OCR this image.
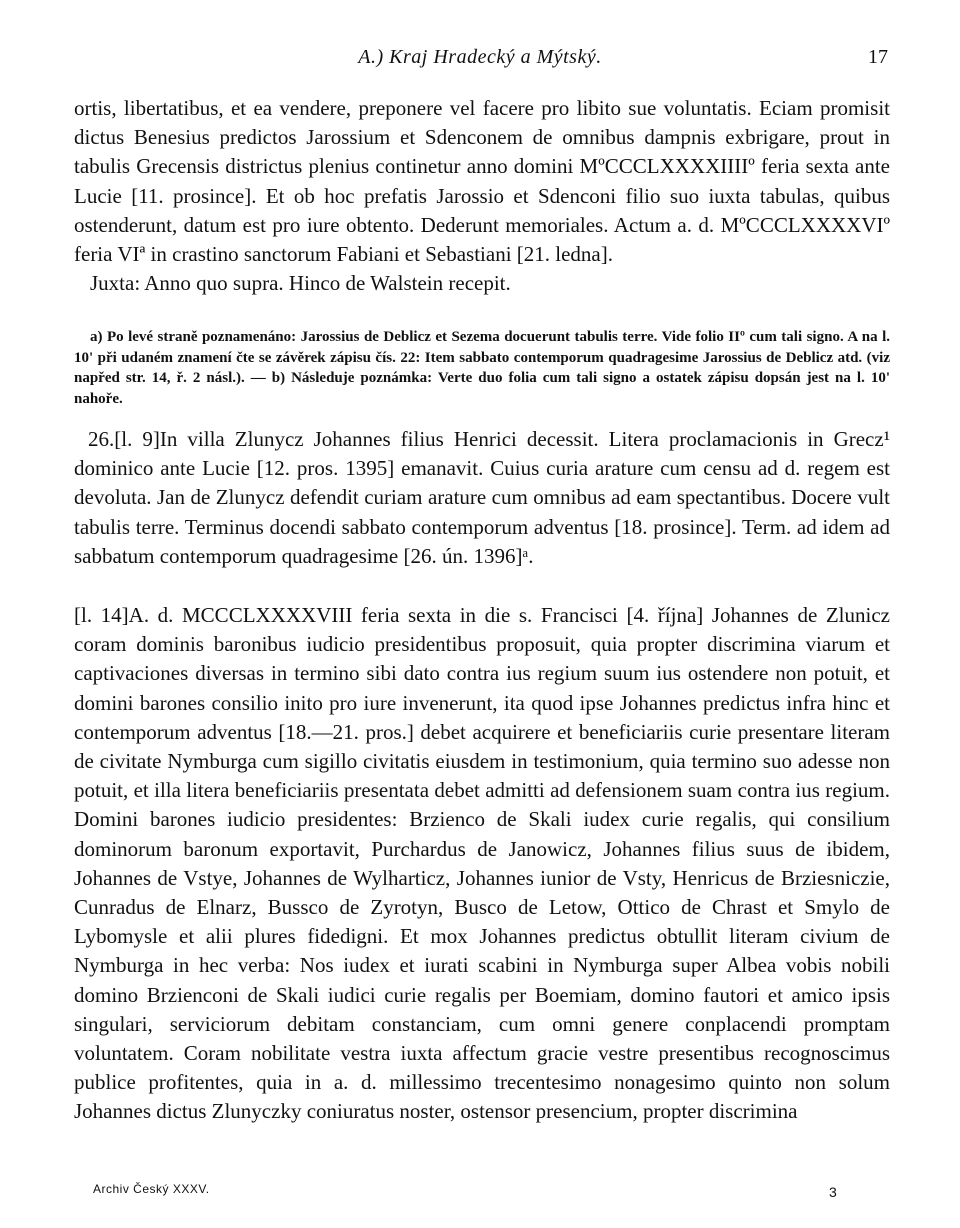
A.) Kraj Hradecký a Mýtský.	17

ortis, libertatibus, et ea vendere, preponere vel facere pro libito sue voluntatis. Eciam promisit dictus Benesius predictos Jarossium et Sdenconem de omnibus dampnis exbrigare, prout in tabulis Grecensis districtus plenius continetur anno domini MºCCCLXXXXIIIIº feria sexta ante Lucie [11. prosince]. Et ob hoc prefatis Jarossio et Sdenconi filio suo iuxta tabulas, quibus ostenderunt, datum est pro iure obtento. Dederunt memoriales. Actum a. d. MºCCCLXXXXVIº feria VIª in crastino sanctorum Fabiani et Sebastiani [21. ledna].

Juxta: Anno quo supra. Hinco de Walstein recepit.

a) Po levé straně poznamenáno: Jarossius de Deblicz et Sezema docuerunt tabulis terre. Vide folio IIº cum tali signo. A na l. 10' při udaném znamení čte se závěrek zápisu čís. 22: Item sabbato contemporum quadragesime Jarossius de Deblicz atd. (viz napřed str. 14, ř. 2 násl.). — b) Následuje poznámka: Verte duo folia cum tali signo a ostatek zápisu dopsán jest na l. 10' nahoře.

26.[l. 9]In villa Zlunycz Johannes filius Henrici decessit. Litera proclamacionis in Grecz¹ dominico ante Lucie [12. pros. 1395] emanavit. Cuius curia arature cum censu ad d. regem est devoluta. Jan de Zlunycz defendit curiam arature cum omnibus ad eam spectantibus. Docere vult tabulis terre. Terminus docendi sabbato contemporum adventus [18. prosince]. Term. ad idem ad sabbatum contemporum quadragesime [26. ún. 1396]ᵃ.

[l. 14]A. d. MCCCLXXXXVIII feria sexta in die s. Francisci [4. října] Johannes de Zlunicz coram dominis baronibus iudicio presidentibus proposuit, quia propter discrimina viarum et captivaciones diversas in termino sibi dato contra ius regium suum ius ostendere non potuit, et domini barones consilio inito pro iure invenerunt, ita quod ipse Johannes predictus infra hinc et contemporum adventus [18.—21. pros.] debet acquirere et beneficiariis curie presentare literam de civitate Nymburga cum sigillo civitatis eiusdem in testimonium, quia termino suo adesse non potuit, et illa litera beneficiariis presentata debet admitti ad defensionem suam contra ius regium. Domini barones iudicio presidentes: Brzienco de Skali iudex curie regalis, qui consilium dominorum baronum exportavit, Purchardus de Janowicz, Johannes filius suus de ibidem, Johannes de Vstye, Johannes de Wylharticz, Johannes iunior de Vsty, Henricus de Brziesniczie, Cunradus de Elnarz, Bussco de Zyrotyn, Busco de Letow, Ottico de Chrast et Smylo de Lybomysle et alii plures fidedigni. Et mox Johannes predictus obtullit literam civium de Nymburga in hec verba: Nos iudex et iurati scabini in Nymburga super Albea vobis nobili domino Brzienconi de Skali iudici curie regalis per Boemiam, domino fautori et amico ipsis singulari, serviciorum debitam constanciam, cum omni genere conplacendi promptam voluntatem. Coram nobilitate vestra iuxta affectum gracie vestre presentibus recognoscimus publice profitentes, quia in a. d. millessimo trecentesimo nonagesimo quinto non solum Johannes dictus Zlunyczky coniuratus noster, ostensor presencium, propter discrimina

Archiv Český XXXV.	3
